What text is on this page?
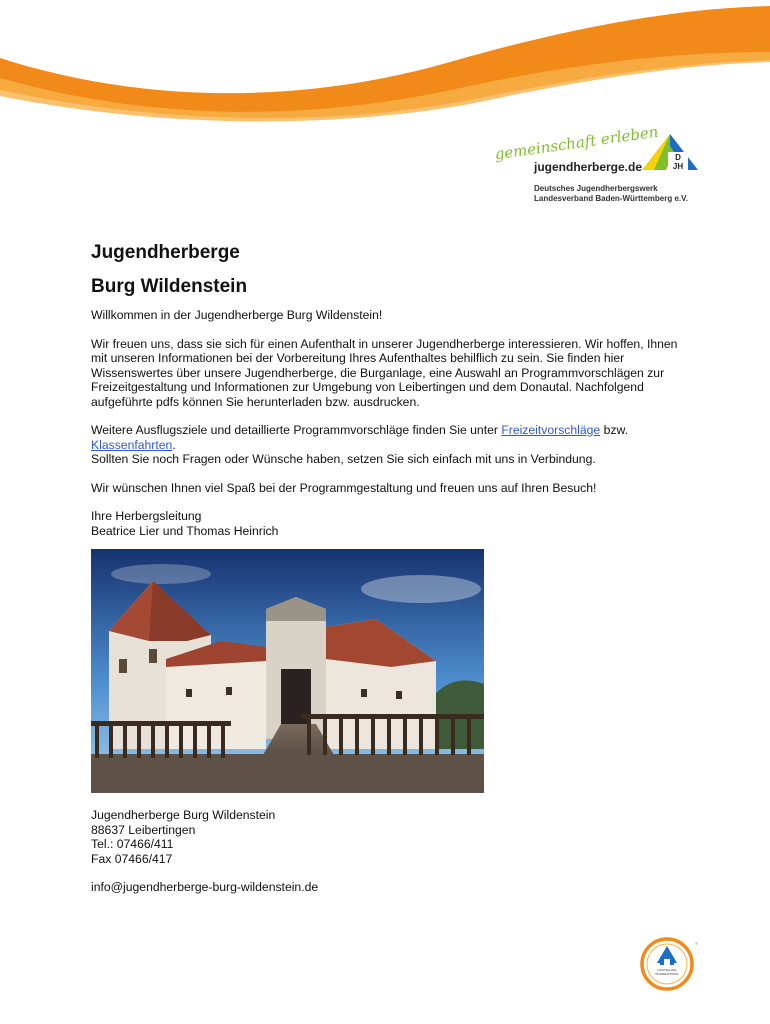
gemeinschaft erleben
jugendherberge.de
D
JH
Deutsches Jugendherbergswerk
Landesverband Baden-Württemberg e.V.
Jugendherberge
Burg Wildenstein

Willkommen in der Jugendherberge Burg Wildenstein!

Wir freuen uns, dass sie sich für einen Aufenthalt in unserer Jugendherberge interessieren. Wir hoffen, Ihnen mit unseren Informationen bei der Vorbereitung Ihres Aufenthaltes behilflich zu sein. Sie finden hier Wissenswertes über unsere Jugendherberge, die Burganlage, eine Auswahl an Programmvorschlägen zur Freizeitgestaltung und Informationen zur Umgebung von Leibertingen und dem Donautal. Nachfolgend aufgeführte pdfs können Sie herunterladen bzw. ausdrucken.

Weitere Ausflugsziele und detaillierte Programmvorschläge finden Sie unter Freizeitvorschläge bzw. Klassenfahrten.

Sollten Sie noch Fragen oder Wünsche haben, setzen Sie sich einfach mit uns in Verbindung.

Wir wünschen Ihnen viel Spaß bei der Programmgestaltung und freuen uns auf Ihren Besuch!

Ihre Herbergsleitung

Beatrice Lier und Thomas Heinrich

Jugendherberge Burg Wildenstein

88637 Leibertingen

Tel.: 07466/411

Fax 07466/417

info@jugendherberge-burg-wildenstein.de

HOSTELLING
INTERNATIONAL
®
